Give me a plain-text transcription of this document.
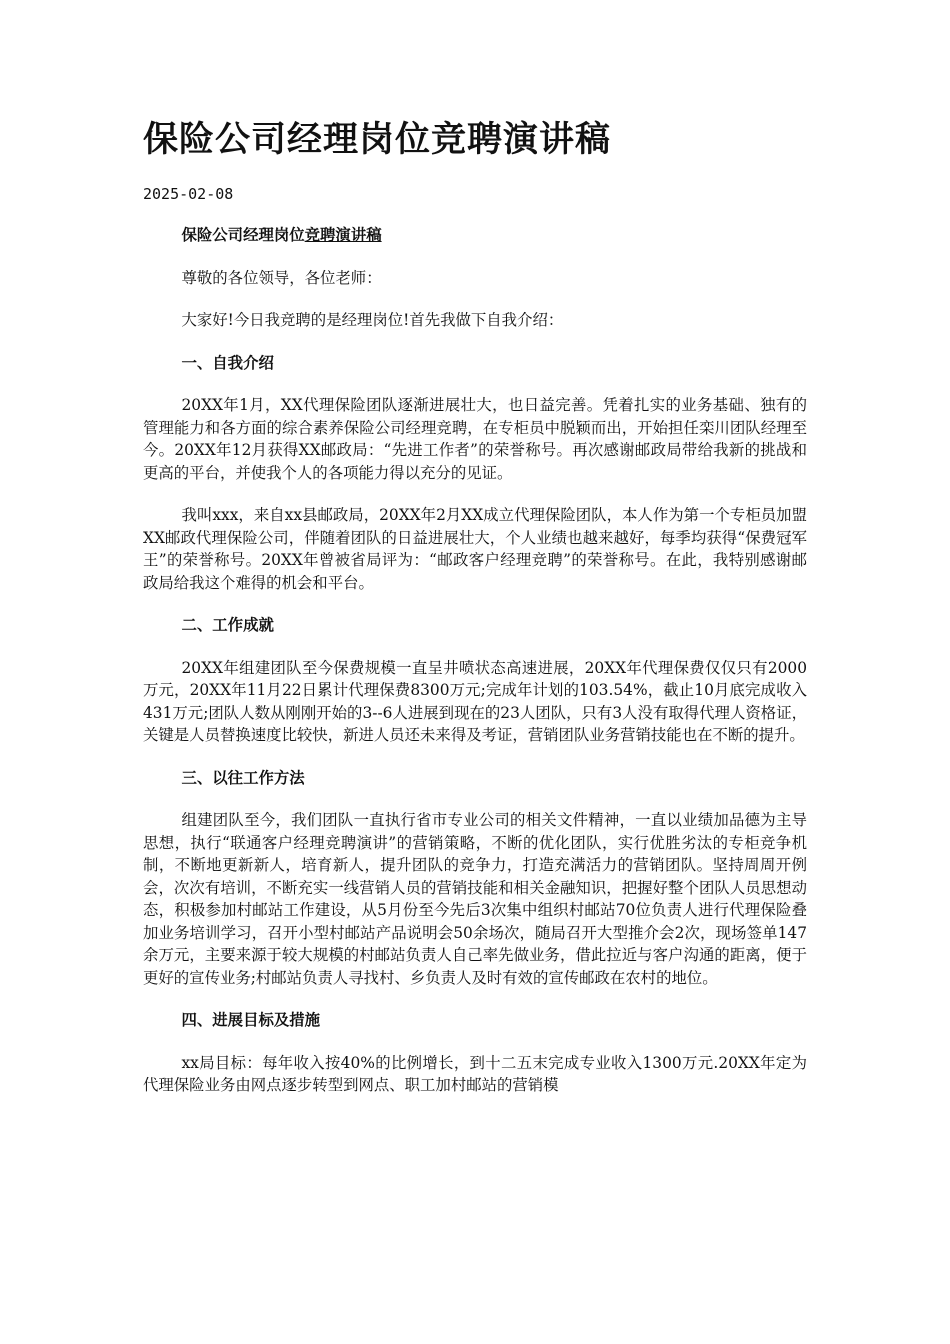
保险公司经理岗位竞聘演讲稿
2025-02-08
保险公司经理岗位竞聘演讲稿

尊敬的各位领导，各位老师：

大家好!今日我竞聘的是经理岗位!首先我做下自我介绍：

一、自我介绍

20XX年1月，XX代理保险团队逐渐进展壮大，也日益完善。凭着扎实的业务基础、独有的管理能力和各方面的综合素养保险公司经理竞聘，在专柜员中脱颖而出，开始担任栾川团队经理至今。20XX年12月获得XX邮政局：“先进工作者”的荣誉称号。再次感谢邮政局带给我新的挑战和更高的平台，并使我个人的各项能力得以充分的见证。

我叫xxx，来自xx县邮政局，20XX年2月XX成立代理保险团队，本人作为第一个专柜员加盟XX邮政代理保险公司，伴随着团队的日益进展壮大，个人业绩也越来越好，每季均获得“保费冠军王”的荣誉称号。20XX年曾被省局评为：“邮政客户经理竞聘”的荣誉称号。在此，我特别感谢邮政局给我这个难得的机会和平台。

二、工作成就

20XX年组建团队至今保费规模一直呈井喷状态高速进展，20XX年代理保费仅仅只有2000万元，20XX年11月22日累计代理保费8300万元;完成年计划的103.54%，截止10月底完成收入431万元;团队人数从刚刚开始的3--6人进展到现在的23人团队，只有3人没有取得代理人资格证，关键是人员替换速度比较快，新进人员还未来得及考证，营销团队业务营销技能也在不断的提升。

三、以往工作方法

组建团队至今，我们团队一直执行省市专业公司的相关文件精神，一直以业绩加品德为主导思想，执行“联通客户经理竞聘演讲”的营销策略，不断的优化团队，实行优胜劣汰的专柜竞争机制，不断地更新新人，培育新人，提升团队的竞争力，打造充满活力的营销团队。坚持周周开例会，次次有培训，不断充实一线营销人员的营销技能和相关金融知识，把握好整个团队人员思想动态，积极参加村邮站工作建设，从5月份至今先后3次集中组织村邮站70位负责人进行代理保险叠加业务培训学习，召开小型村邮站产品说明会50余场次，随局召开大型推介会2次，现场签单147余万元，主要来源于较大规模的村邮站负责人自己率先做业务，借此拉近与客户沟通的距离，便于更好的宣传业务;村邮站负责人寻找村、乡负责人及时有效的宣传邮政在农村的地位。

四、进展目标及措施

xx局目标：每年收入按40%的比例增长，到十二五末完成专业收入1300万元.20XX年定为代理保险业务由网点逐步转型到网点、职工加村邮站的营销模
